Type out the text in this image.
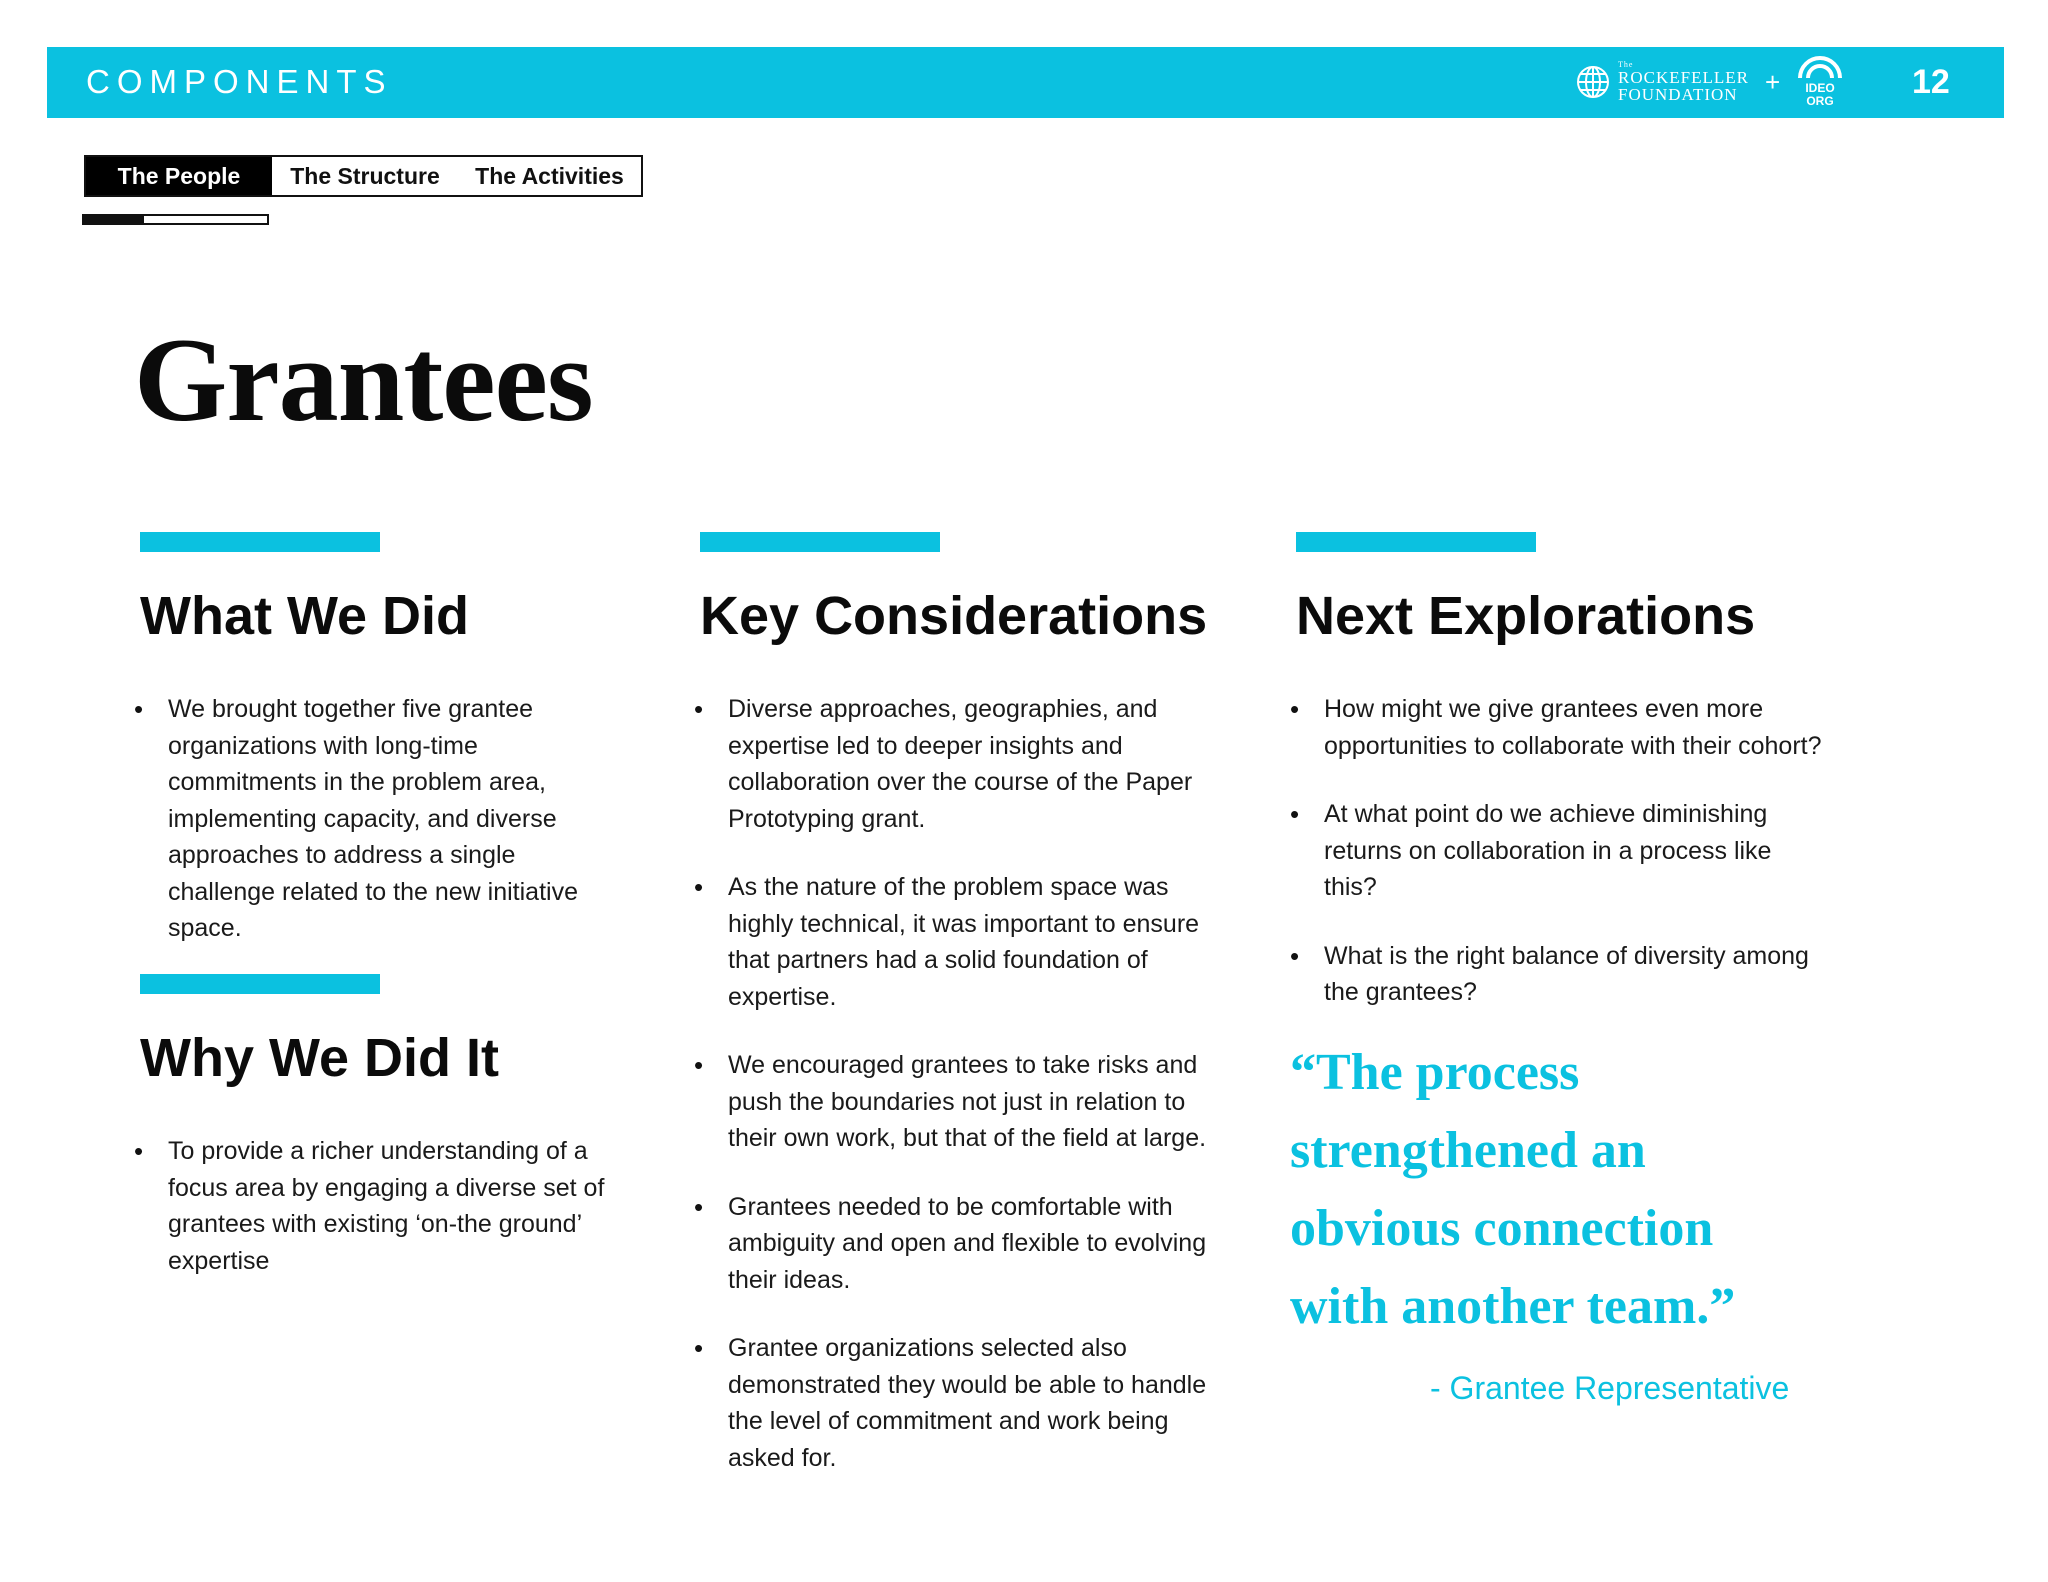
COMPONENTS	The
ROCKEFELLER
FOUNDATION	+ IDEO
ORG 12
The People	The Structure	The Activities
Grantees
What We Did
• We brought together five grantee organizations with long-time commitments in the problem area, implementing capacity, and diverse approaches to address a single challenge related to the new initiative space.
Why We Did It
• To provide a richer understanding of a focus area by engaging a diverse set of grantees with existing ‘on-the ground’ expertise
Key Considerations
• Diverse approaches, geographies, and expertise led to deeper insights and collaboration over the course of the Paper Prototyping grant.
• As the nature of the problem space was highly technical, it was important to ensure that partners had a solid foundation of expertise.
• We encouraged grantees to take risks and push the boundaries not just in relation to their own work, but that of the field at large.
• Grantees needed to be comfortable with ambiguity and open and flexible to evolving their ideas.
• Grantee organizations selected also demonstrated they would be able to handle the level of commitment and work being asked for.
Next Explorations
• How might we give grantees even more opportunities to collaborate with their cohort?
• At what point do we achieve diminishing returns on collaboration in a process like this?
• What is the right balance of diversity among the grantees?

“The process strengthened an obvious connection with another team.”

- Grantee Representative
